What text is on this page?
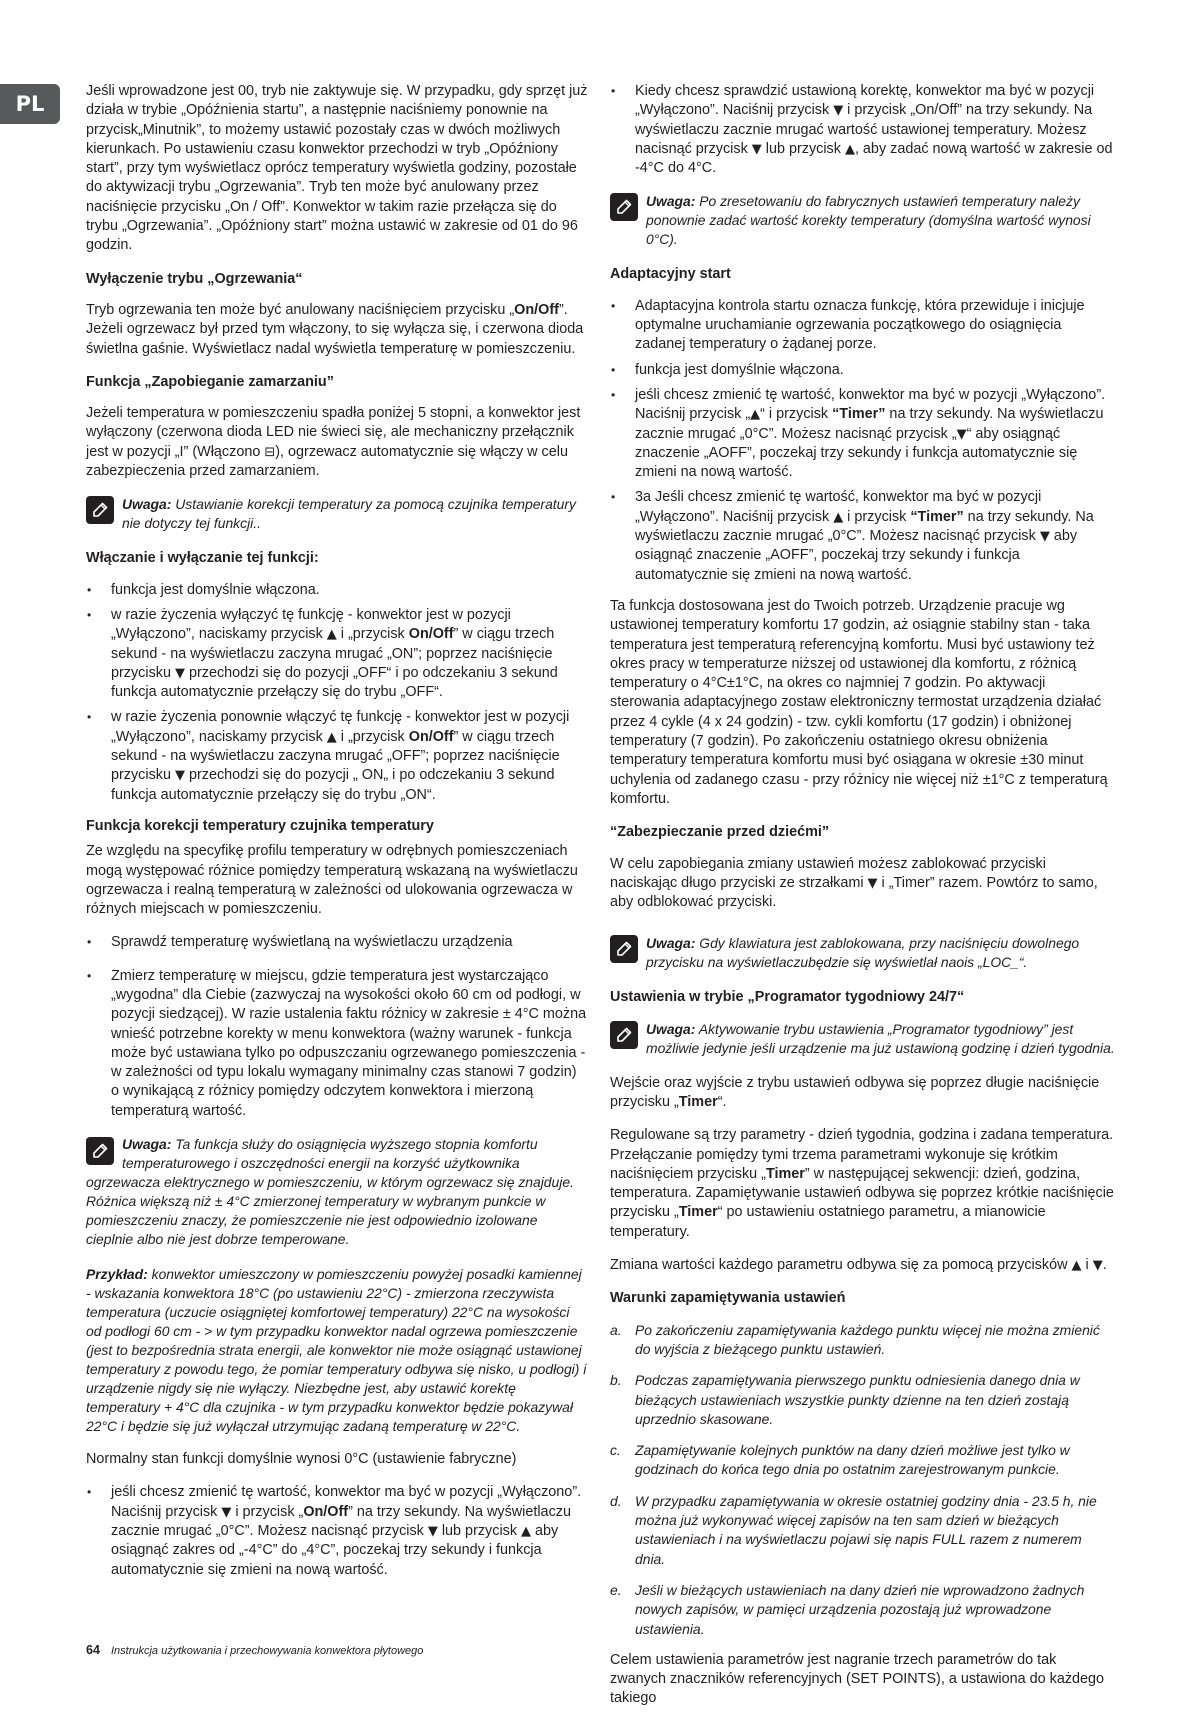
PL

Jeśli wprowadzone jest 00, tryb nie zaktywuje się. W przypadku, gdy sprzęt już działa w trybie „Opóźnienia startu”, a następnie naciśniemy ponownie na przycisk„Minutnik”, to możemy ustawić pozostały czas w dwóch możliwych kierunkach. Po ustawieniu czasu konwektor przechodzi w tryb „Opóźniony start”, przy tym wyświetlacz oprócz temperatury wyświetla godziny, pozostałe do aktywizacji trybu „Ogrzewania”. Tryb ten może być anulowany przez naciśnięcie przycisku „On / Off”. Konwektor w takim razie przełącza się do trybu „Ogrzewania”. „Opóźniony start” można ustawić w zakresie od 01 do 96 godzin.

Wyłączenie trybu „Ogrzewania“

Tryb ogrzewania ten może być anulowany naciśnięciem przycisku „On/Off”. Jeżeli ogrzewacz był przed tym włączony, to się wyłącza się, i czerwona dioda świetlna gaśnie. Wyświetlacz nadal wyświetla temperaturę w pomieszczeniu.

Funkcja „Zapobieganie zamarzaniu”

Jeżeli temperatura w pomieszczeniu spadła poniżej 5 stopni, a konwektor jest wyłączony (czerwona dioda LED nie świeci się, ale mechaniczny przełącznik jest w pozycji „I” (Włączono ⊟), ogrzewacz automatycznie się włączy w celu zabezpieczenia przed zamarzaniem.

Uwaga: Ustawianie korekcji temperatury za pomocą czujnika temperatury nie dotyczy tej funkcji..

Włączanie i wyłączanie tej funkcji:

• funkcja jest domyślnie włączona.
• w razie życzenia wyłączyć tę funkcję - konwektor jest w pozycji „Wyłączono”, naciskamy przycisk ▲ i „przycisk On/Off” w ciągu trzech sekund - na wyświetlaczu zaczyna mrugać „ON”; poprzez naciśnięcie przycisku ▼ przechodzi się do pozycji „OFF“ i po odczekaniu 3 sekund funkcja automatycznie przełączy się do trybu „OFF“.
• w razie życzenia ponownie włączyć tę funkcję - konwektor jest w pozycji „Wyłączono”, naciskamy przycisk ▲ i „przycisk On/Off” w ciągu trzech sekund - na wyświetlaczu zaczyna mrugać „OFF”; poprzez naciśnięcie przycisku ▼ przechodzi się do pozycji „ ON„ i po odczekaniu 3 sekund funkcja automatycznie przełączy się do trybu „ON“.

Funkcja korekcji temperatury czujnika temperatury

Ze względu na specyfikę profilu temperatury w odrębnych pomieszczeniach mogą występować różnice pomiędzy temperaturą wskazaną na wyświetlaczu ogrzewacza i realną temperaturą w zależności od ulokowania ogrzewacza w różnych miejscach w pomieszczeniu.

• Sprawdź temperaturę wyświetlaną na wyświetlaczu urządzenia
• Zmierz temperaturę w miejscu, gdzie temperatura jest wystarczająco „wygodna” dla Ciebie (zazwyczaj na wysokości około 60 cm od podłogi, w pozycji siedzącej). W razie ustalenia faktu różnicy w zakresie ± 4°C można wnieść potrzebne korekty w menu konwektora (ważny warunek - funkcja może być ustawiana tylko po odpuszczaniu ogrzewanego pomieszczenia - w zależności od typu lokalu wymagany minimalny czas stanowi 7 godzin) o wynikającą z różnicy pomiędzy odczytem konwektora i mierzoną temperaturą wartość.
Uwaga: Ta funkcja służy do osiągnięcia wyższego stopnia komfortu temperaturowego i oszczędności energii na korzyść użytkownika ogrzewacza elektrycznego w pomieszczeniu, w którym ogrzewacz się znajduje. Różnica większą niż ± 4°C zmierzonej temperatury w wybranym punkcie w pomieszczeniu znaczy, że pomieszczenie nie jest odpowiednio izolowane cieplnie albo nie jest dobrze temperowane.
Przykład: konwektor umieszczony w pomieszczeniu powyżej posadki kamiennej - wskazania konwektora 18°C (po ustawieniu 22°C) - zmierzona rzeczywista temperatura (uczucie osiągniętej komfortowej temperatury) 22°C na wysokości od podłogi 60 cm - > w tym przypadku konwektor nadal ogrzewa pomieszczenie (jest to bezpośrednia strata energii, ale konwektor nie może osiągnąć ustawionej temperatury z powodu tego, że pomiar temperatury odbywa się nisko, u podłogi) i urządzenie nigdy się nie wyłączy. Niezbędne jest, aby ustawić korektę temperatury + 4°C dla czujnika - w tym przypadku konwektor będzie pokazywał 22°C i będzie się już wyłączał utrzymując zadaną temperaturę w 22°C.

Normalny stan funkcji domyślnie wynosi 0°C (ustawienie fabryczne)

• jeśli chcesz zmienić tę wartość, konwektor ma być w pozycji „Wyłączono”. Naciśnij przycisk ▼ i przycisk „On/Off” na trzy sekundy. Na wyświetlaczu zacznie mrugać „0°C”. Możesz nacisnąć przycisk ▼ lub przycisk ▲ aby osiągnąć zakres od „-4°C” do „4°C”, poczekaj trzy sekundy i funkcja automatycznie się zmieni na nową wartość.
• Kiedy chcesz sprawdzić ustawioną korektę, konwektor ma być w pozycji „Wyłączono”. Naciśnij przycisk ▼ i przycisk „On/Off” na trzy sekundy. Na wyświetlaczu zacznie mrugać wartość ustawionej temperatury. Możesz nacisnąć przycisk ▼ lub przycisk ▲, aby zadać nową wartość w zakresie od -4°C do 4°C.
Uwaga: Po zresetowaniu do fabrycznych ustawień temperatury należy ponownie zadać wartość korekty temperatury (domyślna wartość wynosi 0°C).

Adaptacyjny start

• Adaptacyjna kontrola startu oznacza funkcję, która przewiduje i inicjuje optymalne uruchamianie ogrzewania początkowego do osiągnięcia zadanej temperatury o żądanej porze.
• funkcja jest domyślnie włączona.
• jeśli chcesz zmienić tę wartość, konwektor ma być w pozycji „Wyłączono”. Naciśnij przycisk „▲“ i przycisk “Timer” na trzy sekundy. Na wyświetlaczu zacznie mrugać „0°C”. Możesz nacisnąć przycisk „▼“ aby osiągnąć znaczenie „AOFF”, poczekaj trzy sekundy i funkcja automatycznie się zmieni na nową wartość.
• 3a Jeśli chcesz zmienić tę wartość, konwektor ma być w pozycji „Wyłączono”. Naciśnij przycisk ▲ i przycisk “Timer” na trzy sekundy. Na wyświetlaczu zacznie mrugać „0°C”. Możesz nacisnąć przycisk ▼ aby osiągnąć znaczenie „AOFF”, poczekaj trzy sekundy i funkcja automatycznie się zmieni na nową wartość.

Ta funkcja dostosowana jest do Twoich potrzeb. Urządzenie pracuje wg ustawionej temperatury komfortu 17 godzin, aż osiągnie stabilny stan - taka temperatura jest temperaturą referencyjną komfortu. Musi być ustawiony też okres pracy w temperaturze niższej od ustawionej dla komfortu, z różnicą temperatury o 4°C±1°C, na okres co najmniej 7 godzin. Po aktywacji sterowania adaptacyjnego zostaw elektroniczny termostat urządzenia działać przez 4 cykle (4 x 24 godzin) - tzw. cykli komfortu (17 godzin) i obniżonej temperatury (7 godzin). Po zakończeniu ostatniego okresu obniżenia temperatury temperatura komfortu musi być osiągana w okresie ±30 minut uchylenia od zadanego czasu - przy różnicy nie więcej niż ±1°C z temperaturą komfortu.

“Zabezpieczanie przed dziećmi”

W celu zapobiegania zmiany ustawień możesz zablokować przyciski naciskając długo przyciski ze strzałkami ▼ i „Timer” razem. Powtórz to samo, aby odblokować przyciski.

Uwaga: Gdy klawiatura jest zablokowana, przy naciśnięciu dowolnego przycisku na wyświetlaczubędzie się wyświetlał naois „LOC_“.

Ustawienia w trybie „Programator tygodniowy 24/7“

Uwaga: Aktywowanie trybu ustawienia „Programator tygodniowy” jest możliwie jedynie jeśli urządzenie ma już ustawioną godzinę i dzień tygodnia.

Wejście oraz wyjście z trybu ustawień odbywa się poprzez długie naciśnięcie przycisku „Timer“.

Regulowane są trzy parametry - dzień tygodnia, godzina i zadana temperatura. Przełączanie pomiędzy tymi trzema parametrami wykonuje się krótkim naciśnięciem przycisku „Timer” w następującej sekwencji: dzień, godzina, temperatura. Zapamiętywanie ustawień odbywa się poprzez krótkie naciśnięcie przycisku „Timer“ po ustawieniu ostatniego parametru, a mianowicie temperatury.

Zmiana wartości każdego parametru odbywa się za pomocą przycisków ▲ i ▼.

Warunki zapamiętywania ustawień

a. Po zakończeniu zapamiętywania każdego punktu więcej nie można zmienić do wyjścia z bieżącego punktu ustawień.
b. Podczas zapamiętywania pierwszego punktu odniesienia danego dnia w bieżących ustawieniach wszystkie punkty dzienne na ten dzień zostają uprzednio skasowane.
c. Zapamiętywanie kolejnych punktów na dany dzień możliwe jest tylko w godzinach do końca tego dnia po ostatnim zarejestrowanym punkcie.
d. W przypadku zapamiętywania w okresie ostatniej godziny dnia - 23.5 h, nie można już wykonywać więcej zapisów na ten sam dzień w bieżących ustawieniach i na wyświetlaczu pojawi się napis FULL razem z numerem dnia.
e. Jeśli w bieżących ustawieniach na dany dzień nie wprowadzono żadnych nowych zapisów, w pamięci urządzenia pozostają już wprowadzone ustawienia.

Celem ustawienia parametrów jest nagranie trzech parametrów do tak zwanych znaczników referencyjnych (SET POINTS), a ustawiona do każdego takiego

64 Instrukcja użytkowania i przechowywania konwektora płytowego
